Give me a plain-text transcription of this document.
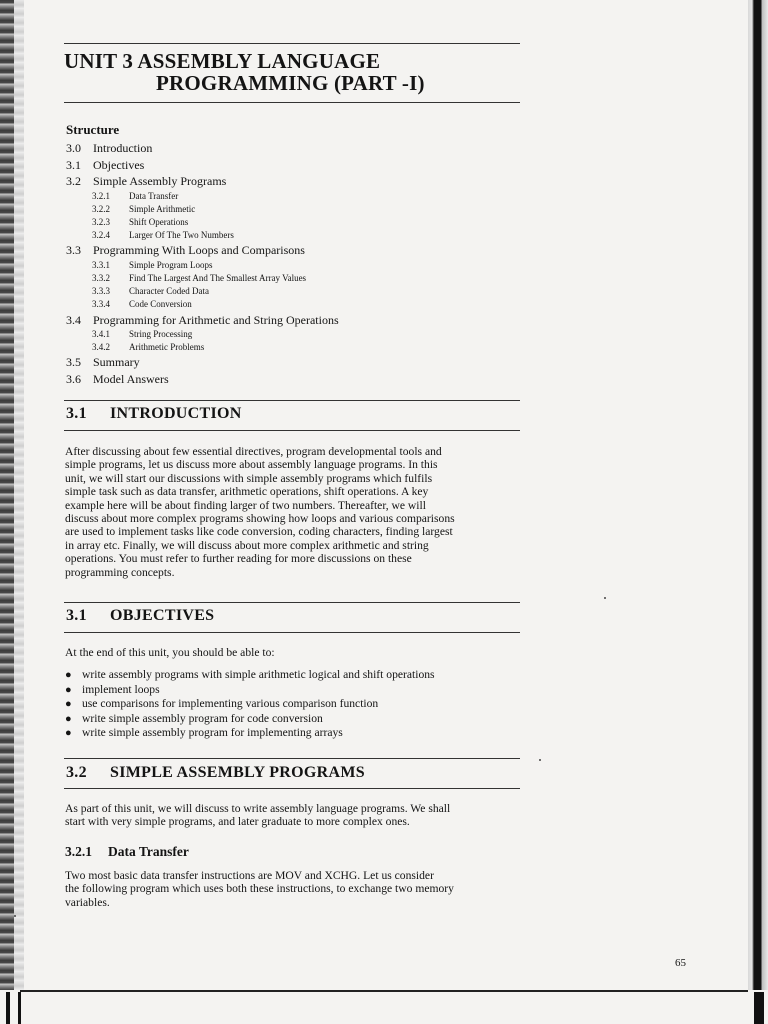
UNIT 3 ASSEMBLY LANGUAGE
PROGRAMMING (PART -I)
Structure
3.0 Introduction
3.1 Objectives
3.2 Simple Assembly Programs
3.2.1 Data Transfer
3.2.2 Simple Arithmetic
3.2.3 Shift Operations
3.2.4 Larger Of The Two Numbers
3.3 Programming With Loops and Comparisons
3.3.1 Simple Program Loops
3.3.2 Find The Largest And The Smallest Array Values
3.3.3 Character Coded Data
3.3.4 Code Conversion
3.4 Programming for Arithmetic and String Operations
3.4.1 String Processing
3.4.2 Arithmetic Problems
3.5 Summary
3.6 Model Answers
3.1 INTRODUCTION
After discussing about few essential directives, program developmental tools and
simple programs, let us discuss more about assembly language programs. In this
unit, we will start our discussions with simple assembly programs which fulfils
simple task such as data transfer, arithmetic operations, shift operations. A key
example here will be about finding larger of two numbers. Thereafter, we will
discuss about more complex programs showing how loops and various comparisons
are used to implement tasks like code conversion, coding characters, finding largest
in array etc. Finally, we will discuss about more complex arithmetic and string
operations. You must refer to further reading for more discussions on these
programming concepts.
3.1 OBJECTIVES
At the end of this unit, you should be able to:
● write assembly programs with simple arithmetic logical and shift operations
● implement loops
● use comparisons for implementing various comparison function
● write simple assembly program for code conversion
● write simple assembly program for implementing arrays
3.2 SIMPLE ASSEMBLY PROGRAMS
As part of this unit, we will discuss to write assembly language programs. We shall
start with very simple programs, and later graduate to more complex ones.
3.2.1 Data Transfer
Two most basic data transfer instructions are MOV and XCHG. Let us consider
the following program which uses both these instructions, to exchange two memory
variables.
65
